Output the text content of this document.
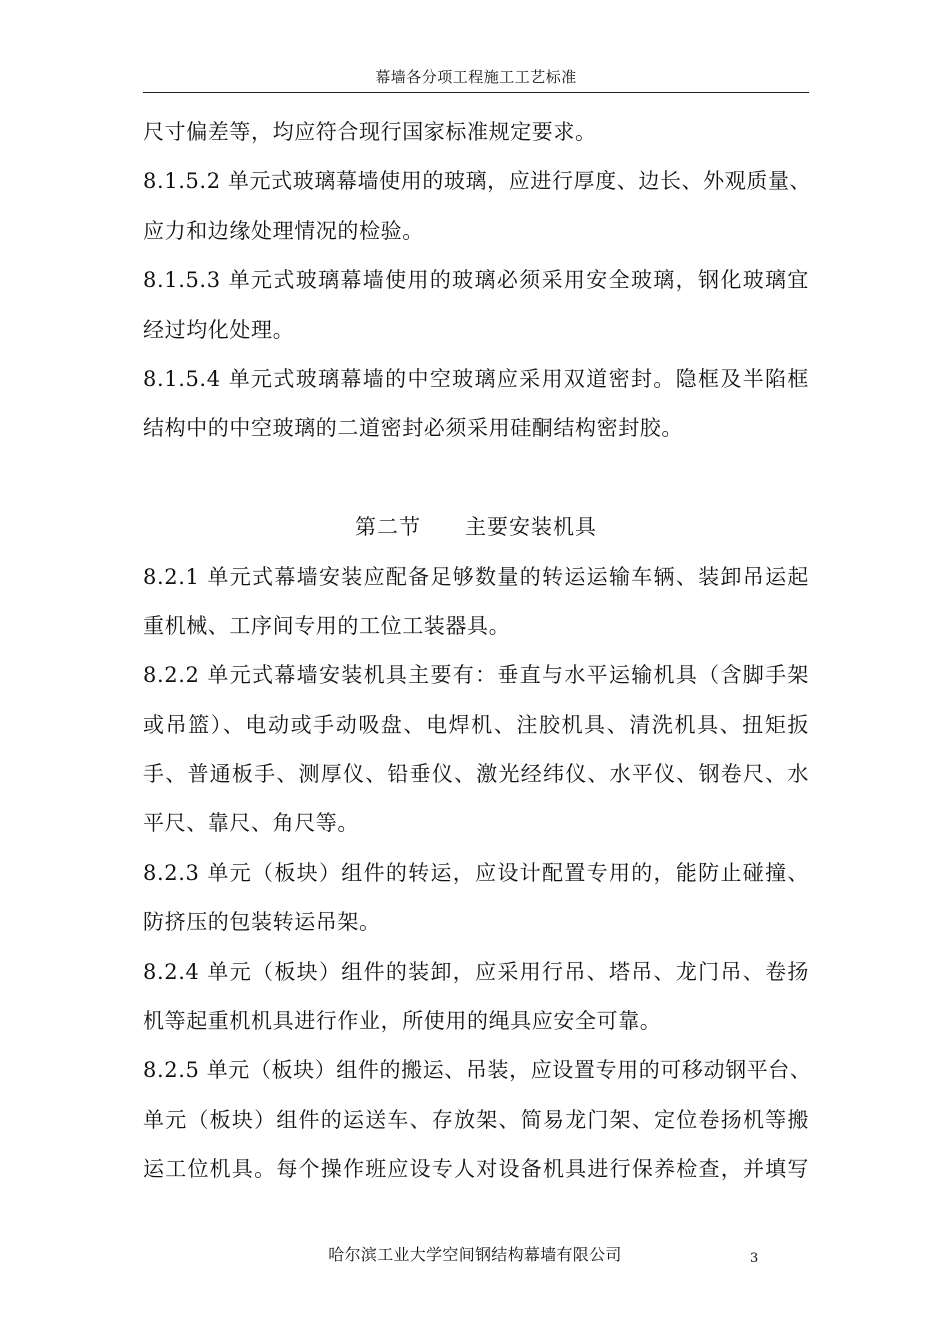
幕墙各分项工程施工工艺标准
尺寸偏差等，均应符合现行国家标准规定要求。
8.1.5.2 单元式玻璃幕墙使用的玻璃，应进行厚度、边长、外观质量、
应力和边缘处理情况的检验。
8.1.5.3 单元式玻璃幕墙使用的玻璃必须采用安全玻璃，钢化玻璃宜
经过均化处理。
8.1.5.4 单元式玻璃幕墙的中空玻璃应采用双道密封。隐框及半陷框
结构中的中空玻璃的二道密封必须采用硅酮结构密封胶。
第二节 主要安装机具
8.2.1 单元式幕墙安装应配备足够数量的转运运输车辆、装卸吊运起
重机械、工序间专用的工位工装器具。
8.2.2 单元式幕墙安装机具主要有：垂直与水平运输机具（含脚手架
或吊篮）、电动或手动吸盘、电焊机、注胶机具、清洗机具、扭矩扳
手、普通板手、测厚仪、铅垂仪、激光经纬仪、水平仪、钢卷尺、水
平尺、靠尺、角尺等。
8.2.3 单元（板块）组件的转运，应设计配置专用的，能防止碰撞、
防挤压的包装转运吊架。
8.2.4 单元（板块）组件的装卸，应采用行吊、塔吊、龙门吊、卷扬
机等起重机机具进行作业，所使用的绳具应安全可靠。
8.2.5 单元（板块）组件的搬运、吊装，应设置专用的可移动钢平台、
单元（板块）组件的运送车、存放架、简易龙门架、定位卷扬机等搬
运工位机具。每个操作班应设专人对设备机具进行保养检查，并填写
哈尔滨工业大学空间钢结构幕墙有限公司	3
